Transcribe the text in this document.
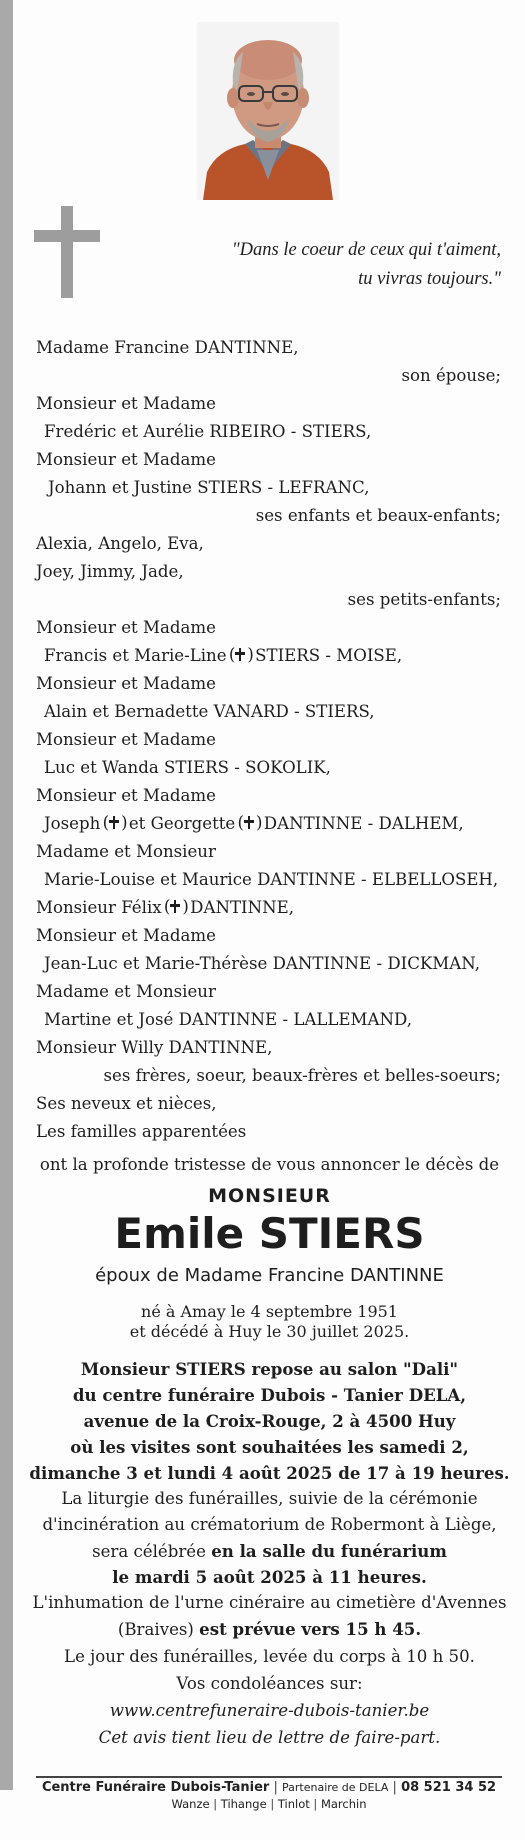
"Dans le coeur de ceux qui t'aiment,
tu vivras toujours."
Madame Francine DANTINNE,
son épouse;
Monsieur et Madame
Fredéric et Aurélie RIBEIRO - STIERS,
Monsieur et Madame
Johann et Justine STIERS - LEFRANC,
ses enfants et beaux-enfants;
Alexia, Angelo, Eva,
Joey, Jimmy, Jade,
ses petits-enfants;
Monsieur et Madame
Francis et Marie-Line (
) STIERS - MOISE,
Monsieur et Madame
Alain et Bernadette VANARD - STIERS,
Monsieur et Madame
Luc et Wanda STIERS - SOKOLIK,
Monsieur et Madame
Joseph (
) et Georgette (
) DANTINNE - DALHEM,
Madame et Monsieur
Marie-Louise et Maurice DANTINNE - ELBELLOSEH,
Monsieur Félix (
) DANTINNE,
Monsieur et Madame
Jean-Luc et Marie-Thérèse DANTINNE - DICKMAN,
Madame et Monsieur
Martine et José DANTINNE - LALLEMAND,
Monsieur Willy DANTINNE,
ses frères, soeur, beaux-frères et belles-soeurs;
Ses neveux et nièces,
Les familles apparentées
ont la profonde tristesse de vous annoncer le décès de
MONSIEUR
Emile STIERS
époux de Madame Francine DANTINNE
né à Amay le 4 septembre 1951
et décédé à Huy le 30 juillet 2025.
Monsieur STIERS repose au salon "Dali"
du centre funéraire Dubois - Tanier DELA,
avenue de la Croix-Rouge, 2 à 4500 Huy
où les visites sont souhaitées les samedi 2,
dimanche 3 et lundi 4 août 2025 de 17 à 19 heures.
La liturgie des funérailles, suivie de la cérémonie
d'incinération au crématorium de Robermont à Liège,
sera célébrée en la salle du funérarium
le mardi 5 août 2025 à 11 heures.
L'inhumation de l'urne cinéraire au cimetière d'Avennes
(Braives) est prévue vers 15 h 45.
Le jour des funérailles, levée du corps à 10 h 50.
Vos condoléances sur:
www.centrefuneraire-dubois-tanier.be
Cet avis tient lieu de lettre de faire-part.
Centre Funéraire Dubois-Tanier | Partenaire de DELA | 08 521 34 52
Wanze | Tihange | Tinlot | Marchin
